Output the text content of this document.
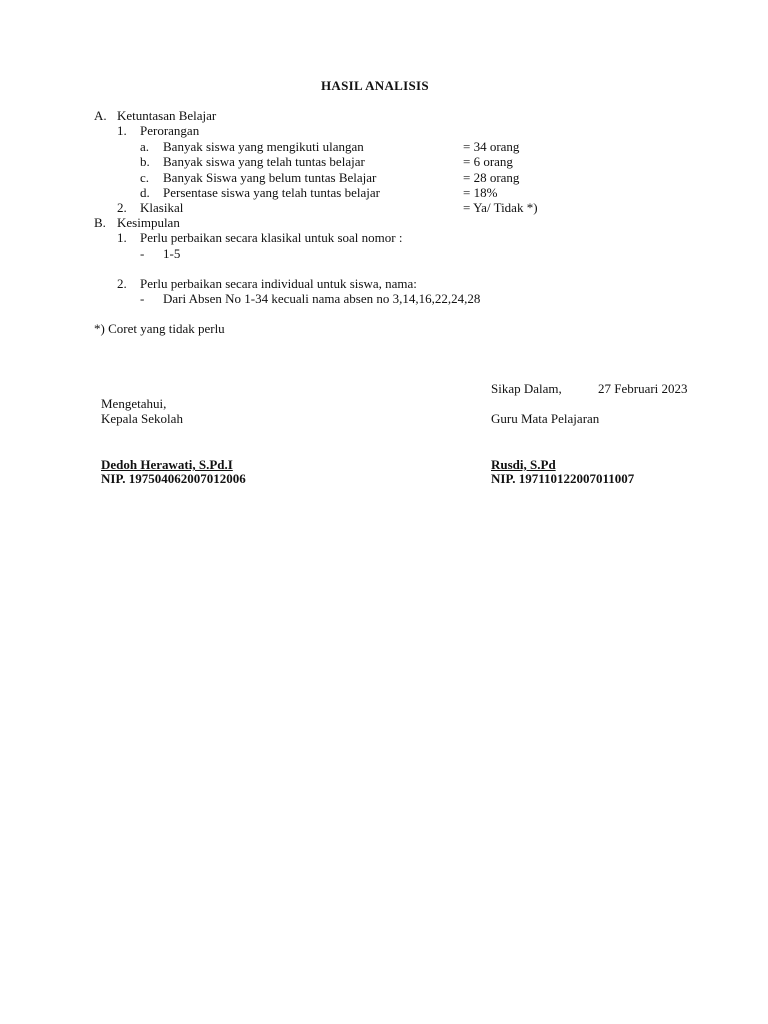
HASIL ANALISIS
A. Ketuntasan Belajar
1. Perorangan
a. Banyak siswa yang mengikuti ulangan	= 34 orang
b. Banyak siswa yang telah tuntas belajar	= 6 orang
c. Banyak Siswa yang belum tuntas Belajar	= 28 orang
d. Persentase siswa yang telah tuntas belajar	= 18%
2. Klasikal	= Ya/ Tidak *)
B. Kesimpulan
1. Perlu perbaikan secara klasikal untuk soal nomor :
- 1-5
2. Perlu perbaikan secara individual untuk siswa, nama:
- Dari Absen No 1-34 kecuali nama absen no 3,14,16,22,24,28
*) Coret yang tidak perlu
Sikap Dalam,	27 Februari 2023
Mengetahui,
Kepala Sekolah
Dedoh Herawati, S.Pd.I
NIP. 197504062007012006
Guru Mata Pelajaran
Rusdi, S.Pd
NIP. 197110122007011007
